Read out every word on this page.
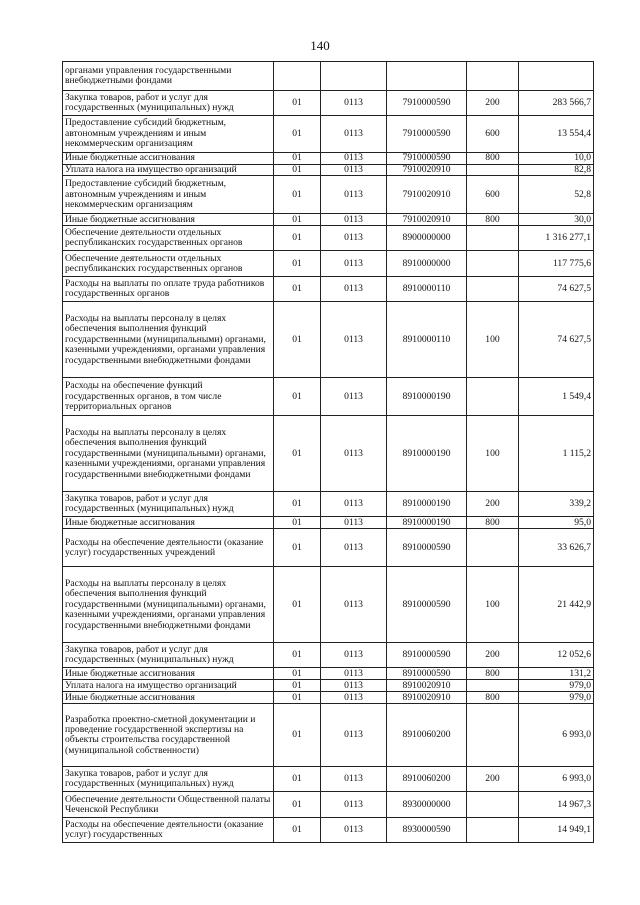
140
органами управления государственными внебюджетными фондами					
Закупка товаров, работ и услуг для государственных (муниципальных) нужд	01	0113	7910000590	200	283 566,7
Предоставление субсидий бюджетным, автономным учреждениям и иным некоммерческим организациям	01	0113	7910000590	600	13 554,4
Иные бюджетные ассигнования	01	0113	7910000590	800	10,0
Уплата налога на имущество организаций	01	0113	7910020910		82,8
Предоставление субсидий бюджетным, автономным учреждениям и иным некоммерческим организациям	01	0113	7910020910	600	52,8
Иные бюджетные ассигнования	01	0113	7910020910	800	30,0
Обеспечение деятельности отдельных республиканских государственных органов	01	0113	8900000000		1 316 277,1
Обеспечение деятельности отдельных республиканских государственных органов	01	0113	8910000000		117 775,6
Расходы на выплаты по оплате труда работников государственных органов	01	0113	8910000110		74 627,5
Расходы на выплаты персоналу в целях обеспечения выполнения функций государственными (муниципальными) органами, казенными учреждениями, органами управления государственными внебюджетными фондами	01	0113	8910000110	100	74 627,5
Расходы на обеспечение функций государственных органов, в том числе территориальных органов	01	0113	8910000190		1 549,4
Расходы на выплаты персоналу в целях обеспечения выполнения функций государственными (муниципальными) органами, казенными учреждениями, органами управления государственными внебюджетными фондами	01	0113	8910000190	100	1 115,2
Закупка товаров, работ и услуг для государственных (муниципальных) нужд	01	0113	8910000190	200	339,2
Иные бюджетные ассигнования	01	0113	8910000190	800	95,0
Расходы на обеспечение деятельности (оказание услуг) государственных учреждений	01	0113	8910000590		33 626,7
Расходы на выплаты персоналу в целях обеспечения выполнения функций государственными (муниципальными) органами, казенными учреждениями, органами управления государственными внебюджетными фондами	01	0113	8910000590	100	21 442,9
Закупка товаров, работ и услуг для государственных (муниципальных) нужд	01	0113	8910000590	200	12 052,6
Иные бюджетные ассигнования	01	0113	8910000590	800	131,2
Уплата налога на имущество организаций	01	0113	8910020910		979,0
Иные бюджетные ассигнования	01	0113	8910020910	800	979,0
Разработка проектно-сметной документации и проведение государственной экспертизы на объекты строительства государственной (муниципальной собственности)	01	0113	8910060200		6 993,0
Закупка товаров, работ и услуг для государственных (муниципальных) нужд	01	0113	8910060200	200	6 993,0
Обеспечение деятельности Общественной палаты Чеченской Республики	01	0113	8930000000		14 967,3
Расходы на обеспечение деятельности (оказание услуг) государственных	01	0113	8930000590		14 949,1
